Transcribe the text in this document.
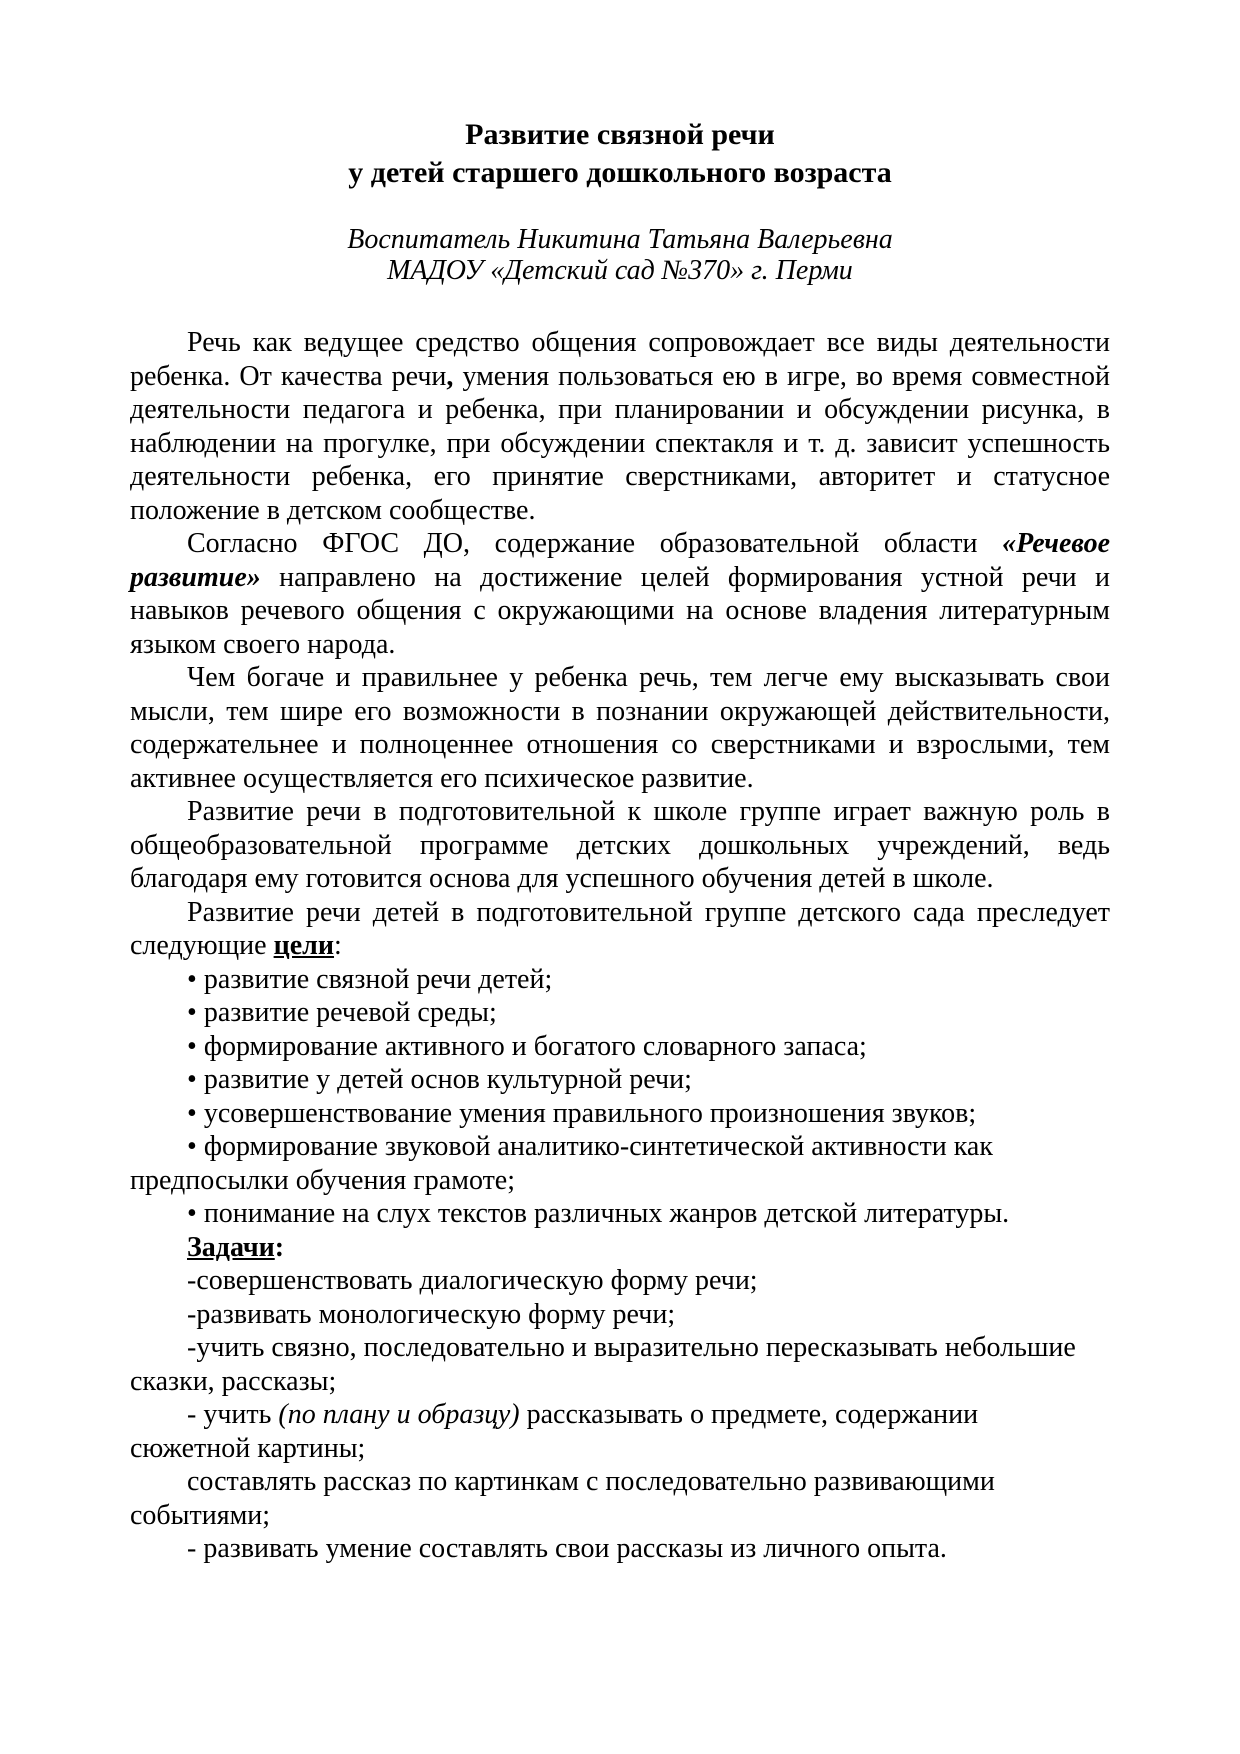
Развитие связной речи
у детей старшего дошкольного возраста
Воспитатель Никитина Татьяна Валерьевна
МАДОУ «Детский сад №370» г. Перми

Речь как ведущее средство общения сопровождает все виды деятельности ребенка. От качества речи, умения пользоваться ею в игре, во время совместной деятельности педагога и ребенка, при планировании и обсуждении рисунка, в наблюдении на прогулке, при обсуждении спектакля и т. д. зависит успешность деятельности ребенка, его принятие сверстниками, авторитет и статусное положение в детском сообществе.

Согласно ФГОС ДО, содержание образовательной области «Речевое развитие» направлено на достижение целей формирования устной речи и навыков речевого общения с окружающими на основе владения литературным языком своего народа.

Чем богаче и правильнее у ребенка речь, тем легче ему высказывать свои мысли, тем шире его возможности в познании окружающей действительности, содержательнее и полноценнее отношения со сверстниками и взрослыми, тем активнее осуществляется его психическое развитие.

Развитие речи в подготовительной к школе группе играет важную роль в общеобразовательной программе детских дошкольных учреждений, ведь благодаря ему готовится основа для успешного обучения детей в школе.

Развитие речи детей в подготовительной группе детского сада преследует следующие цели:

• развитие связной речи детей;

• развитие речевой среды;

• формирование активного и богатого словарного запаса;

• развитие у детей основ культурной речи;

• усовершенствование умения правильного произношения звуков;

• формирование звуковой аналитико-синтетической активности как
предпосылки обучения грамоте;

• понимание на слух текстов различных жанров детской литературы.

Задачи:

-совершенствовать диалогическую форму речи;

-развивать монологическую форму речи;

-учить связно, последовательно и выразительно пересказывать небольшие
сказки, рассказы;

- учить (по плану и образцу) рассказывать о предмете, содержании
сюжетной картины;

составлять рассказ по картинкам с последовательно развивающими
событиями;

- развивать умение составлять свои рассказы из личного опыта.
